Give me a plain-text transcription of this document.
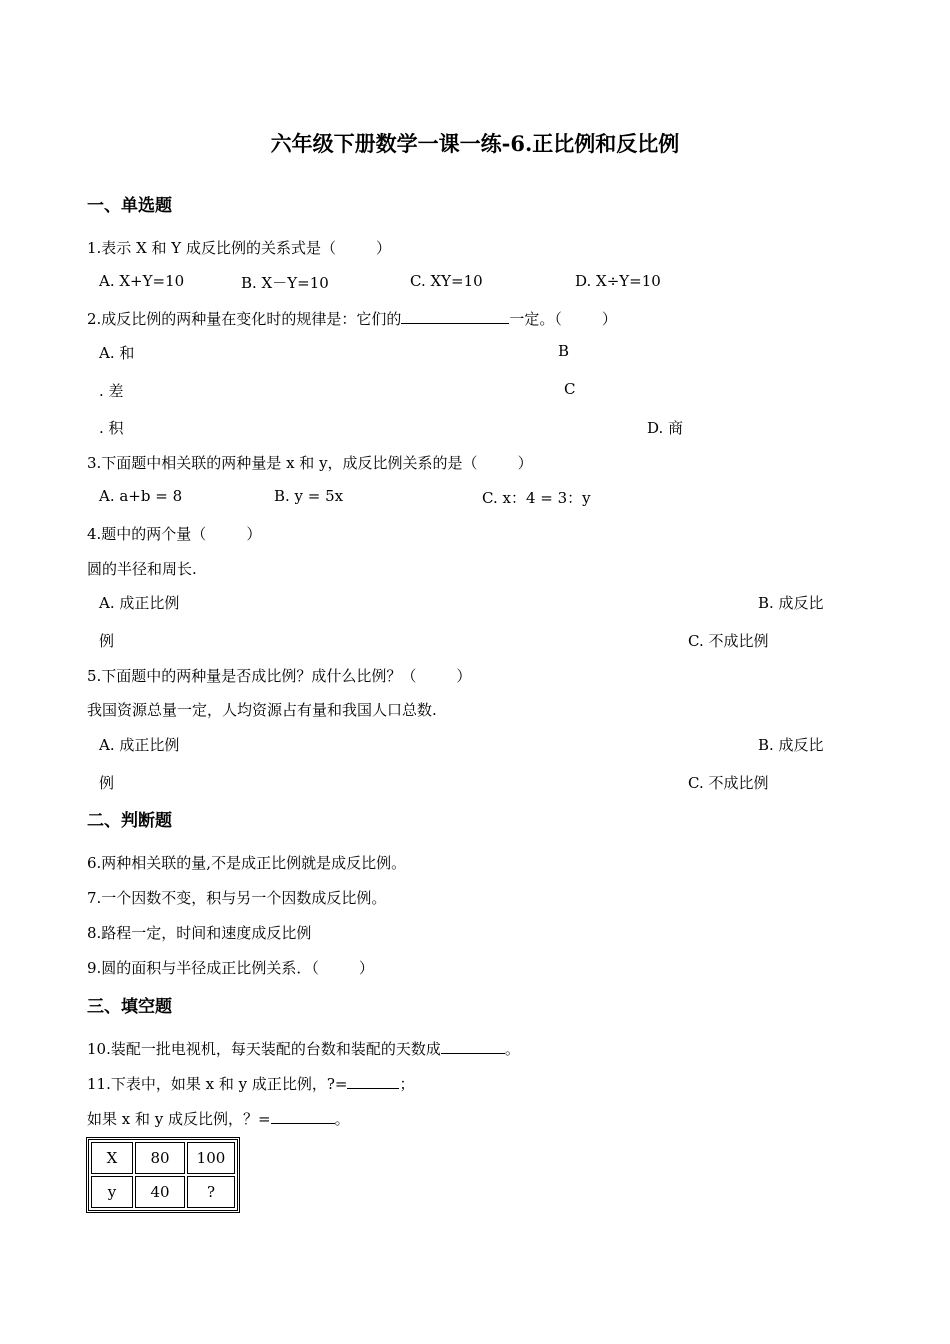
六年级下册数学一课一练-6.正比例和反比例
一、单选题
1.表示 X 和 Y 成反比例的关系式是（	）
A. X+Y=10	B. X－Y=10	C. XY=10	D. X÷Y=10
2.成反比例的两种量在变化时的规律是：它们的	一定。（	）
A. 和	B
. 差	C
. 积	D. 商
3.下面题中相关联的两种量是 x 和 y，成反比例关系的是（	）
A. a+b = 8	B. y = 5x	C. x：4 = 3：y
4.题中的两个量（	）
圆的半径和周长.
A. 成正比例	B. 成反比
例	C. 不成比例
5.下面题中的两种量是否成比例？成什么比例？（	）
我国资源总量一定，人均资源占有量和我国人口总数.
A. 成正比例	B. 成反比
例	C. 不成比例
二、判断题
6.两种相关联的量,不是成正比例就是成反比例。
7.一个因数不变，积与另一个因数成反比例。
8.路程一定，时间和速度成反比例
9.圆的面积与半径成正比例关系．（	）
三、填空题
10.装配一批电视机，每天装配的台数和装配的天数成	。
11.下表中，如果 x 和 y 成正比例，?=	；
如果 x 和 y 成反比例，？=	。
X	80	100
y	40	?
